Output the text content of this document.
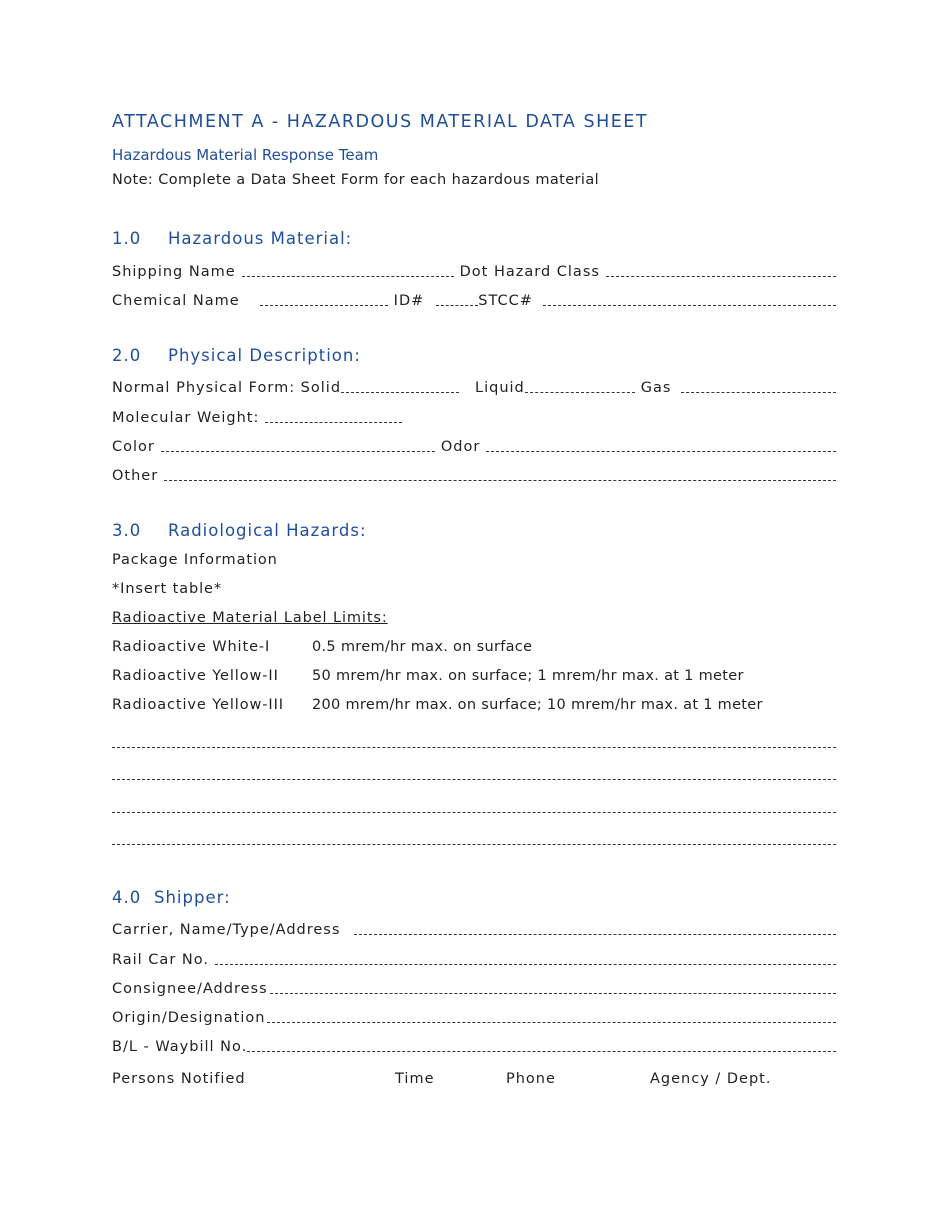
ATTACHMENT A - HAZARDOUS MATERIAL DATA SHEET
Hazardous Material Response Team
Note: Complete a Data Sheet Form for each hazardous material
1.0 Hazardous Material:
Shipping Name	Dot Hazard Class
Chemical Name	ID#	STCC#
2.0 Physical Description:
Normal Physical Form: Solid	Liquid	Gas
Molecular Weight:
Color	Odor
Other
3.0 Radiological Hazards:
Package Information
*Insert table*
Radioactive Material Label Limits:
Radioactive White-I	0.5 mrem/hr max. on surface
Radioactive Yellow-II 50 mrem/hr max. on surface; 1 mrem/hr max. at 1 meter
Radioactive Yellow-III 200 mrem/hr max. on surface; 10 mrem/hr max. at 1 meter
4.0 Shipper:
Carrier, Name/Type/Address
Rail Car No.
Consignee/Address
Origin/Designation
B/L - Waybill No.
Persons Notified	Time	Phone	Agency / Dept.
